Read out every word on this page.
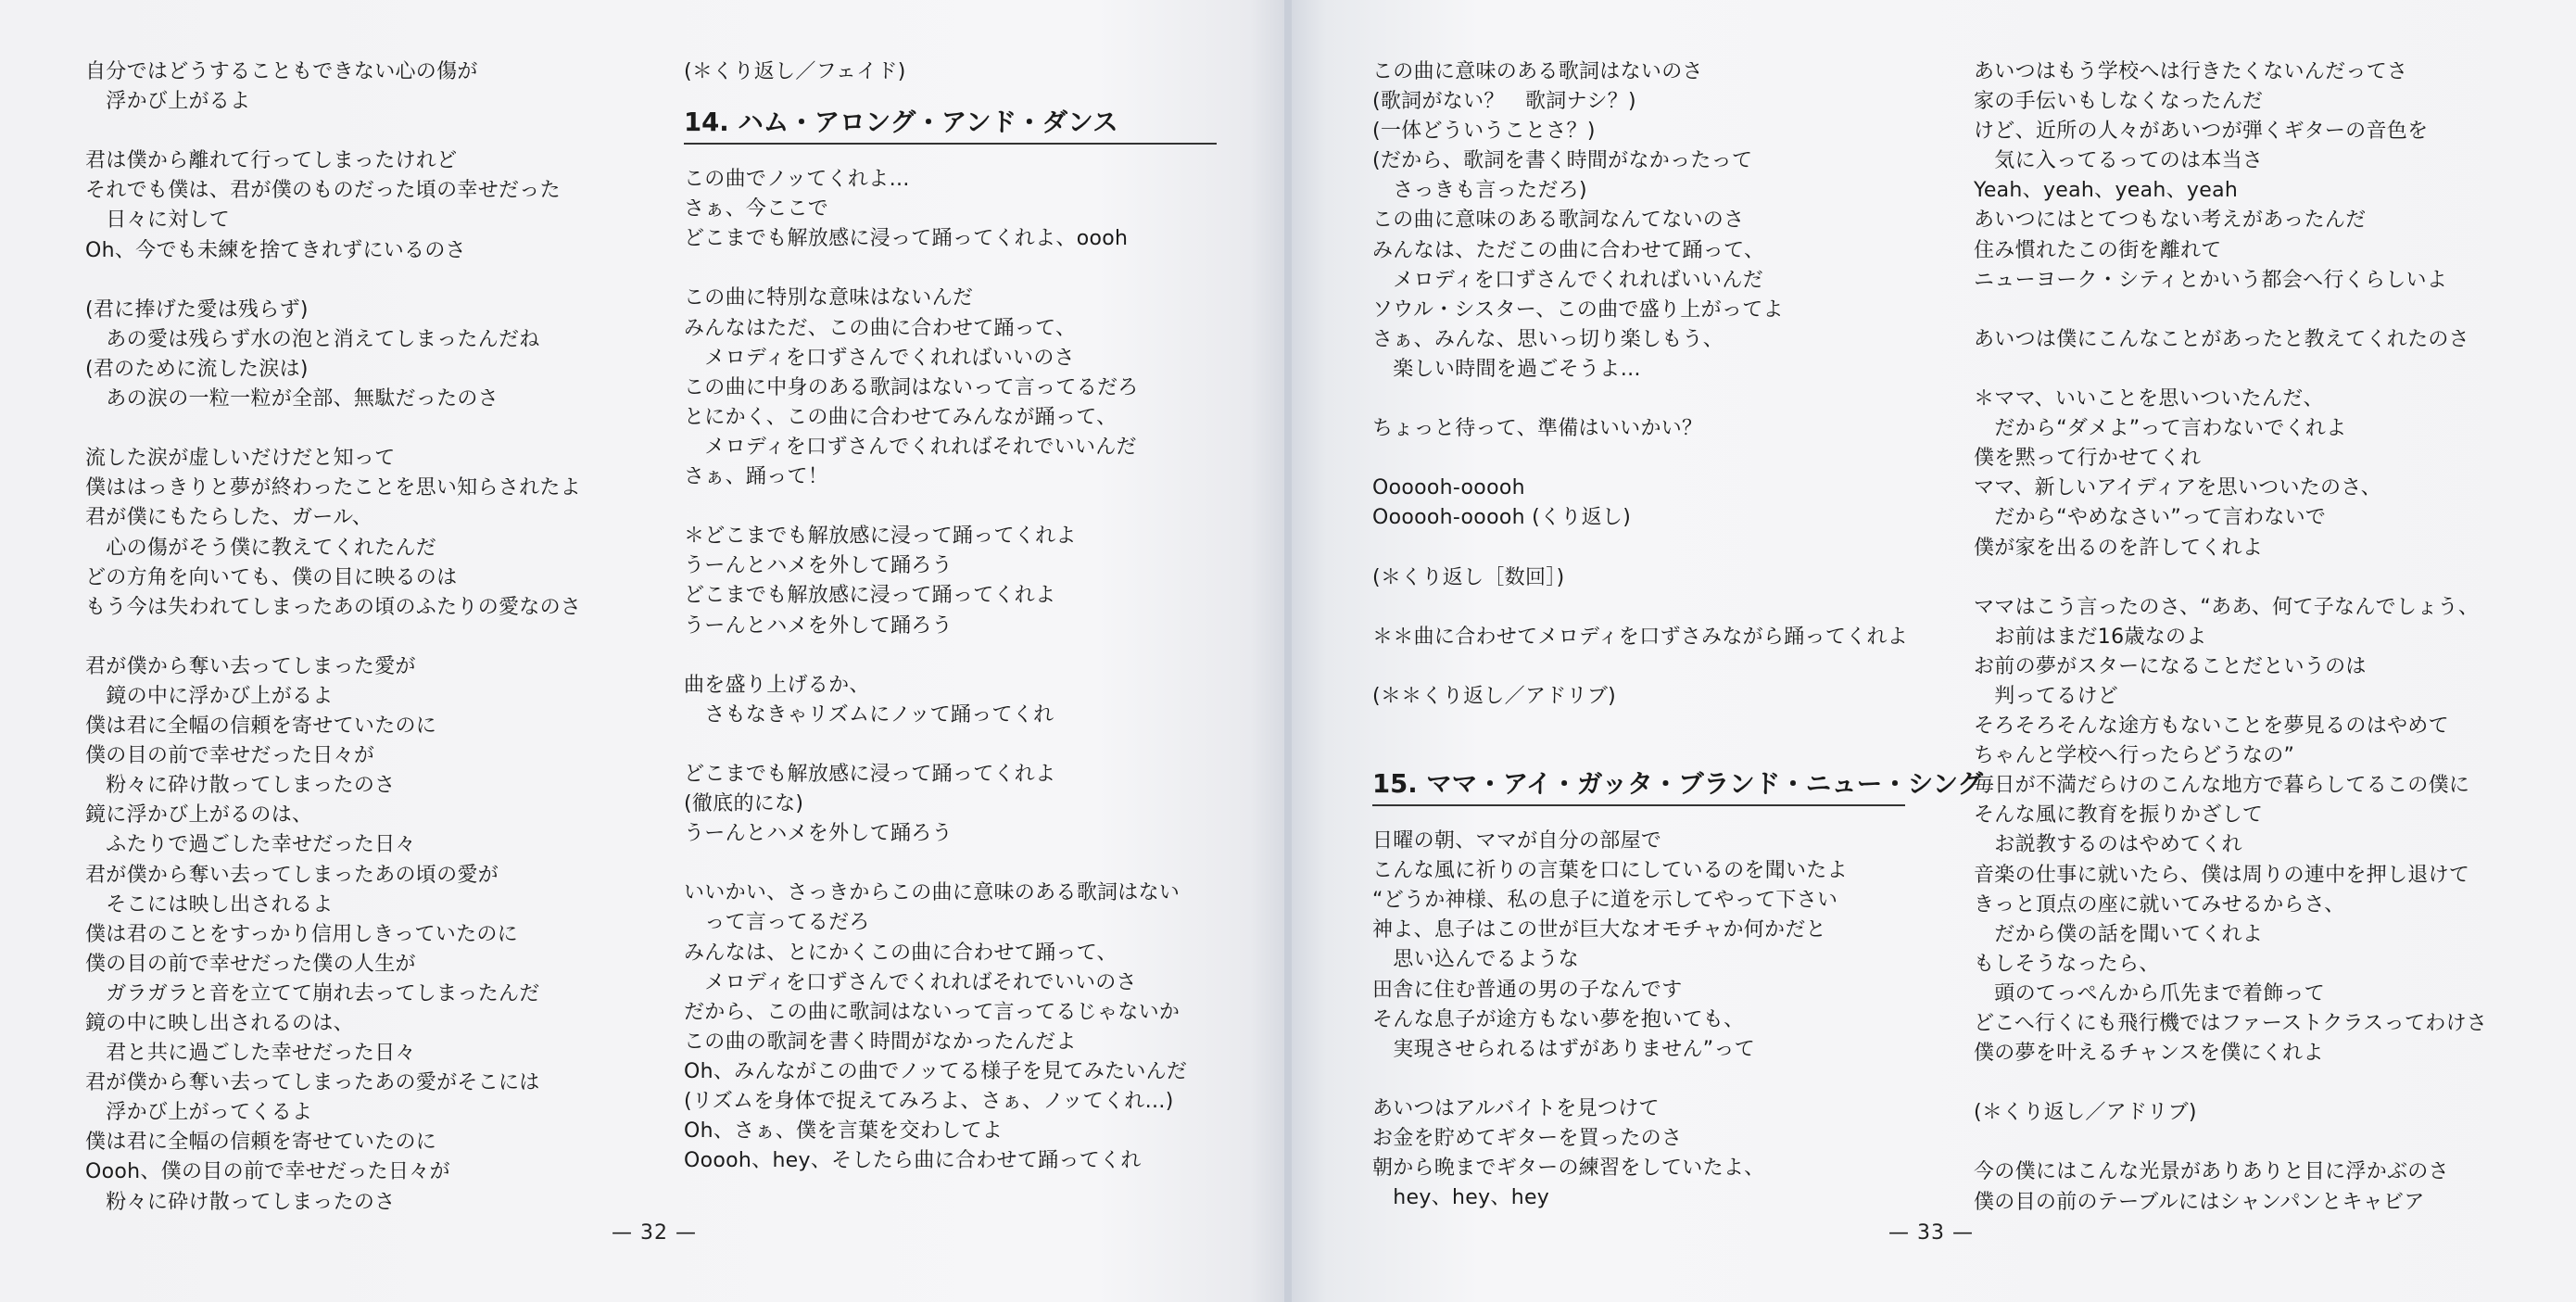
自分ではどうすることもできない心の傷が
　浮かび上がるよ
君は僕から離れて行ってしまったけれど
それでも僕は、君が僕のものだった頃の幸せだった
　日々に対して
Oh、今でも未練を捨てきれずにいるのさ
(君に捧げた愛は残らず)
　あの愛は残らず水の泡と消えてしまったんだね
(君のために流した涙は)
　あの涙の一粒一粒が全部、無駄だったのさ
流した涙が虚しいだけだと知って
僕ははっきりと夢が終わったことを思い知らされたよ
君が僕にもたらした、ガール、
　心の傷がそう僕に教えてくれたんだ
どの方角を向いても、僕の目に映るのは
もう今は失われてしまったあの頃のふたりの愛なのさ
君が僕から奪い去ってしまった愛が
　鏡の中に浮かび上がるよ
僕は君に全幅の信頼を寄せていたのに
僕の目の前で幸せだった日々が
　粉々に砕け散ってしまったのさ
鏡に浮かび上がるのは、
　ふたりで過ごした幸せだった日々
君が僕から奪い去ってしまったあの頃の愛が
　そこには映し出されるよ
僕は君のことをすっかり信用しきっていたのに
僕の目の前で幸せだった僕の人生が
　ガラガラと音を立てて崩れ去ってしまったんだ
鏡の中に映し出されるのは、
　君と共に過ごした幸せだった日々
君が僕から奪い去ってしまったあの愛がそこには
　浮かび上がってくるよ
僕は君に全幅の信頼を寄せていたのに
Oooh、僕の目の前で幸せだった日々が
　粉々に砕け散ってしまったのさ
(＊くり返し／フェイド)
14. ハム・アロング・アンド・ダンス
この曲でノッてくれよ…
さぁ、今ここで
どこまでも解放感に浸って踊ってくれよ、oooh
この曲に特別な意味はないんだ
みんなはただ、この曲に合わせて踊って、
　メロディを口ずさんでくれればいいのさ
この曲に中身のある歌詞はないって言ってるだろ
とにかく、この曲に合わせてみんなが踊って、
　メロディを口ずさんでくれればそれでいいんだ
さぁ、踊って！
＊どこまでも解放感に浸って踊ってくれよ
うーんとハメを外して踊ろう
どこまでも解放感に浸って踊ってくれよ
うーんとハメを外して踊ろう
曲を盛り上げるか、
　さもなきゃリズムにノッて踊ってくれ
どこまでも解放感に浸って踊ってくれよ
(徹底的にな)
うーんとハメを外して踊ろう
いいかい、さっきからこの曲に意味のある歌詞はない
　って言ってるだろ
みんなは、とにかくこの曲に合わせて踊って、
　メロディを口ずさんでくれればそれでいいのさ
だから、この曲に歌詞はないって言ってるじゃないか
この曲の歌詞を書く時間がなかったんだよ
Oh、みんながこの曲でノッてる様子を見てみたいんだ
(リズムを身体で捉えてみろよ、さぁ、ノッてくれ…)
Oh、さぁ、僕を言葉を交わしてよ
Ooooh、hey、そしたら曲に合わせて踊ってくれ
— 32 —
この曲に意味のある歌詞はないのさ
(歌詞がない？　歌詞ナシ？)
(一体どういうことさ？)
(だから、歌詞を書く時間がなかったって
　さっきも言っただろ)
この曲に意味のある歌詞なんてないのさ
みんなは、ただこの曲に合わせて踊って、
　メロディを口ずさんでくれればいいんだ
ソウル・シスター、この曲で盛り上がってよ
さぁ、みんな、思いっ切り楽しもう、
　楽しい時間を過ごそうよ…
ちょっと待って、準備はいいかい？
Oooooh-ooooh
Oooooh-ooooh (くり返し)
(＊くり返し［数回］)
＊＊曲に合わせてメロディを口ずさみながら踊ってくれよ
(＊＊くり返し／アドリブ)
15. ママ・アイ・ガッタ・ブランド・ニュー・シング
日曜の朝、ママが自分の部屋で
こんな風に祈りの言葉を口にしているのを聞いたよ
“どうか神様、私の息子に道を示してやって下さい
神よ、息子はこの世が巨大なオモチャか何かだと
　思い込んでるような
田舎に住む普通の男の子なんです
そんな息子が途方もない夢を抱いても、
　実現させられるはずがありません”って
あいつはアルバイトを見つけて
お金を貯めてギターを買ったのさ
朝から晩までギターの練習をしていたよ、
　hey、hey、hey
あいつはもう学校へは行きたくないんだってさ
家の手伝いもしなくなったんだ
けど、近所の人々があいつが弾くギターの音色を
　気に入ってるってのは本当さ
Yeah、yeah、yeah、yeah
あいつにはとてつもない考えがあったんだ
住み慣れたこの街を離れて
ニューヨーク・シティとかいう都会へ行くらしいよ
あいつは僕にこんなことがあったと教えてくれたのさ
＊ママ、いいことを思いついたんだ、
　だから“ダメよ”って言わないでくれよ
僕を黙って行かせてくれ
ママ、新しいアイディアを思いついたのさ、
　だから“やめなさい”って言わないで
僕が家を出るのを許してくれよ
ママはこう言ったのさ、“ああ、何て子なんでしょう、
　お前はまだ16歳なのよ
お前の夢がスターになることだというのは
　判ってるけど
そろそろそんな途方もないことを夢見るのはやめて
ちゃんと学校へ行ったらどうなの”
毎日が不満だらけのこんな地方で暮らしてるこの僕に
そんな風に教育を振りかざして
　お説教するのはやめてくれ
音楽の仕事に就いたら、僕は周りの連中を押し退けて
きっと頂点の座に就いてみせるからさ、
　だから僕の話を聞いてくれよ
もしそうなったら、
　頭のてっぺんから爪先まで着飾って
どこへ行くにも飛行機ではファーストクラスってわけさ
僕の夢を叶えるチャンスを僕にくれよ
(＊くり返し／アドリブ)
今の僕にはこんな光景がありありと目に浮かぶのさ
僕の目の前のテーブルにはシャンパンとキャビア
— 33 —
